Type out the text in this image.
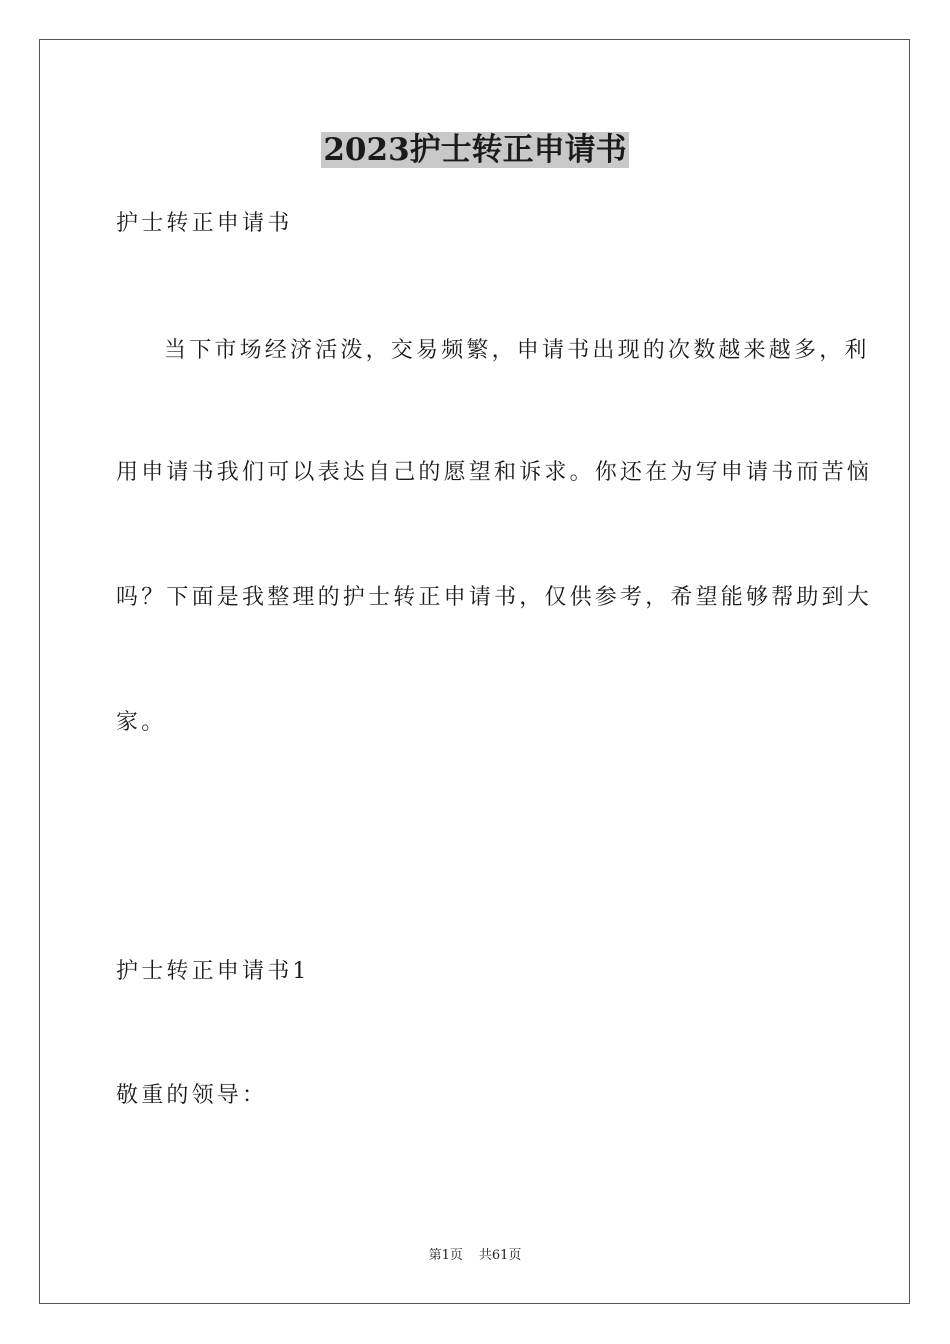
2023护士转正申请书
护士转正申请书
当下市场经济活泼，交易频繁，申请书出现的次数越来越多，利
用申请书我们可以表达自己的愿望和诉求。你还在为写申请书而苦恼
吗？下面是我整理的护士转正申请书，仅供参考，希望能够帮助到大
家。
护士转正申请书1
敬重的领导：
第1页 共61页
